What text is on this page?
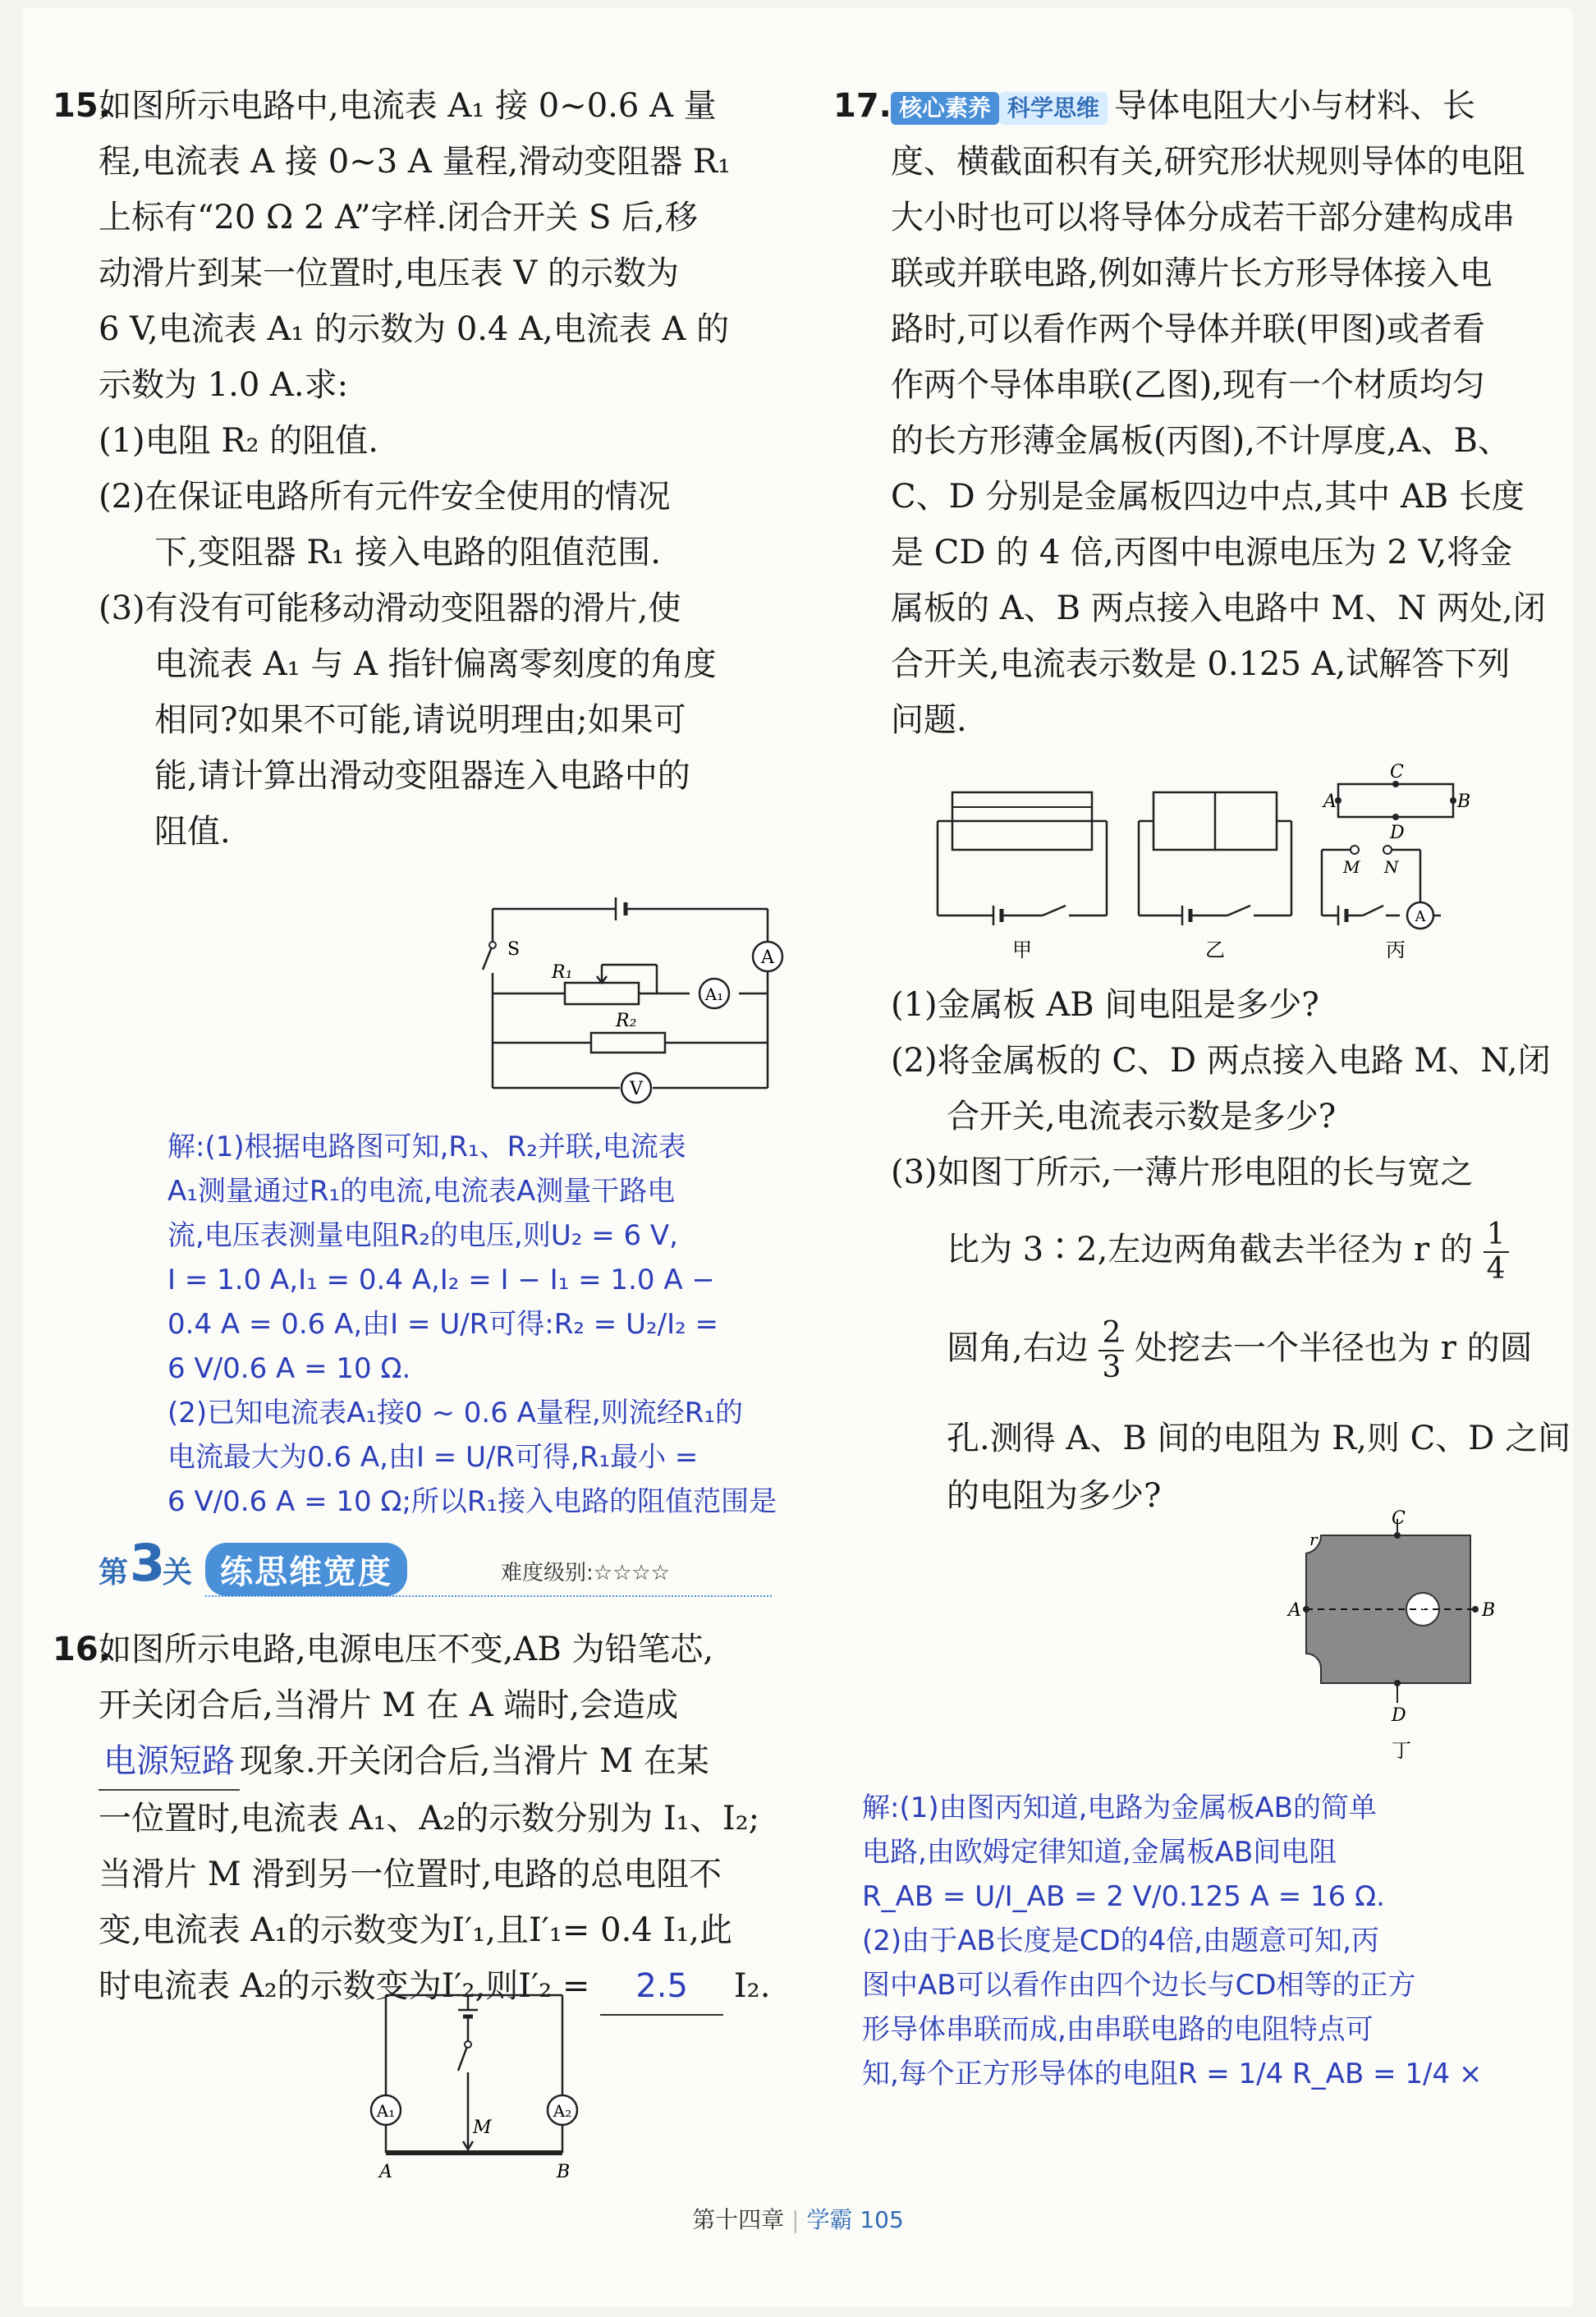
15.
如图所示电路中,电流表 A₁ 接 0~0.6 A 量
程,电流表 A 接 0~3 A 量程,滑动变阻器 R₁
上标有“20 Ω 2 A”字样.闭合开关 S 后,移
动滑片到某一位置时,电压表 V 的示数为
6 V,电流表 A₁ 的示数为 0.4 A,电流表 A 的
示数为 1.0 A.求:
(1)电阻 R₂ 的阻值.
(2)在保证电路所有元件安全使用的情况
下,变阻器 R₁ 接入电路的阻值范围.
(3)有没有可能移动滑动变阻器的滑片,使
电流表 A₁ 与 A 指针偏离零刻度的角度
相同?如果不可能,请说明理由;如果可
能,请计算出滑动变阻器连入电路中的
阻值.
A
A₁
V
S
R₁
R₂
解:(1)根据电路图可知,R₁、R₂并联,电流表
A₁测量通过R₁的电流,电流表A测量干路电
流,电压表测量电阻R₂的电压,则U₂ = 6 V,
I = 1.0 A,I₁ = 0.4 A,I₂ = I − I₁ = 1.0 A −
0.4 A = 0.6 A,由I = U/R可得:R₂ = U₂/I₂ =
6 V/0.6 A = 10 Ω.
(2)已知电流表A₁接0 ~ 0.6 A量程,则流经R₁的
电流最大为0.6 A,由I = U/R可得,R₁最小 =
6 V/0.6 A = 10 Ω;所以R₁接入电路的阻值范围是
第 3
关 练思维宽度	难度级别:☆☆☆☆
16.
如图所示电路,电源电压不变,AB 为铅笔芯,
开关闭合后,当滑片 M 在 A 端时,会造成
电源短路 现象.开关闭合后,当滑片 M 在某
一位置时,电流表 A₁、A₂的示数分别为 I₁、I₂;
当滑片 M 滑到另一位置时,电路的总电阻不
变,电流表 A₁的示数变为I′₁,且I′₁= 0.4 I₁,此
时电流表 A₂的示数变为I′₂,则I′₂ = 2.5 I₂.
A₁	A₂
M
A	B
17. 核心素养 科学思维 导体电阻大小与材料、长
度、横截面积有关,研究形状规则导体的电阻
大小时也可以将导体分成若干部分建构成串
联或并联电路,例如薄片长方形导体接入电
路时,可以看作两个导体并联(甲图)或者看
作两个导体串联(乙图),现有一个材质均匀
的长方形薄金属板(丙图),不计厚度,A、B、
C、D 分别是金属板四边中点,其中 AB 长度
是 CD 的 4 倍,丙图中电源电压为 2 V,将金
属板的 A、B 两点接入电路中 M、N 两处,闭
合开关,电流表示数是 0.125 A,试解答下列
问题.
A
甲	乙	丙
A	B
C
D
M N
(1)金属板 AB 间电阻是多少?
(2)将金属板的 C、D 两点接入电路 M、N,闭
合开关,电流表示数是多少?
(3)如图丁所示,一薄片形电阻的长与宽之
比为 3∶2,左边两角截去半径为 r 的 $\frac{1}{4}$
圆角,右边 $\frac{2}{3}$ 处挖去一个半径也为 r 的圆
孔.测得 A、B 间的电阻为 R,则 C、D 之间
的电阻为多少?
r
C
D
A	B
丁
解:(1)由图丙知道,电路为金属板AB的简单
电路,由欧姆定律知道,金属板AB间电阻
R_AB = U/I_AB = 2 V/0.125 A = 16 Ω.
(2)由于AB长度是CD的4倍,由题意可知,丙
图中AB可以看作由四个边长与CD相等的正方
形导体串联而成,由串联电路的电阻特点可
知,每个正方形导体的电阻R = 1/4 R_AB = 1/4 ×
第十四章 | 学霸 105
